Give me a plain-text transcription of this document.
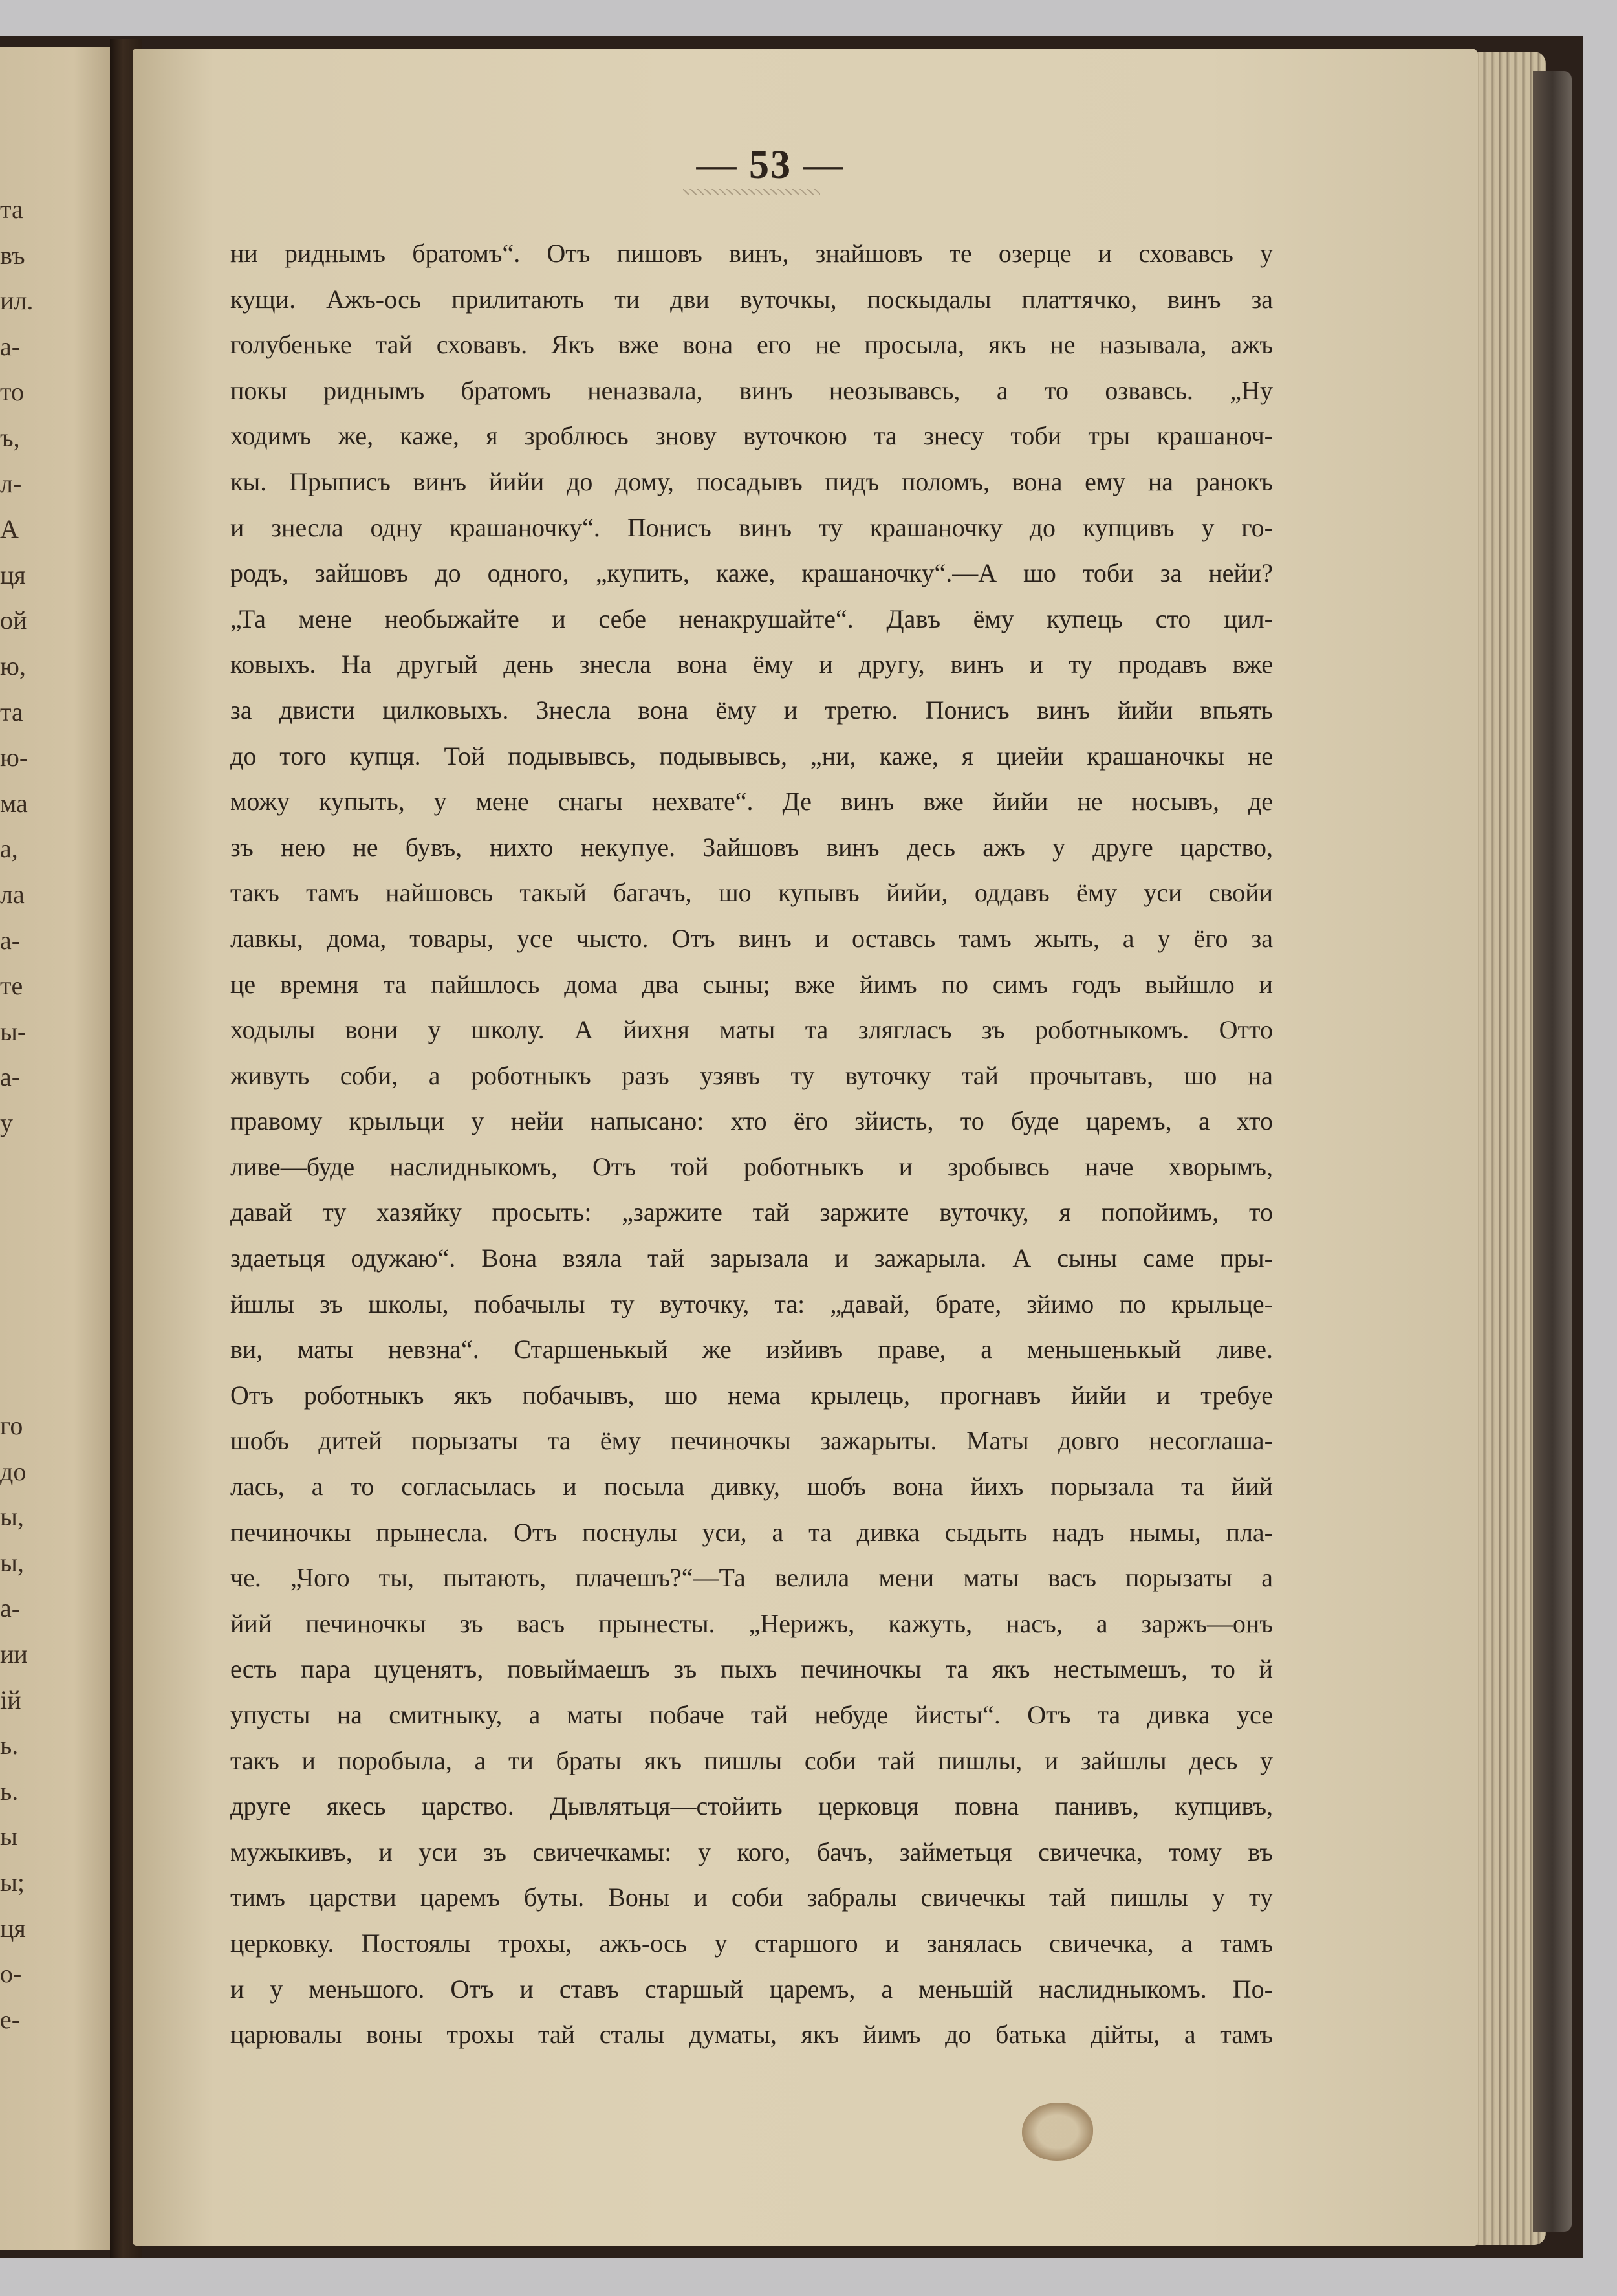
та
въ
ил.
а-
то
ъ,
л-
А
ця
ой
ю,
та
ю-
ма
а,
ла
а-
те
ы-
а-
у
го
до
ы,
ы,
а-
ии
ій
ь.
ь.
ы
ы;
ця
о-
е-
— 53 —
ни риднымъ братомъ“. Отъ пишовъ винъ, знайшовъ те озерце и сховавсь у
кущи. Ажъ-ось прилитають ти дви вуточкы, поскыдалы платтячко, винъ за
голубеньке тай сховавъ. Якъ вже вона его не просыла, якъ не называла, ажъ
покы риднымъ братомъ неназвала, винъ неозывавсь, а то озвавсь. „Ну
ходимъ же, каже, я зроблюсь знову вуточкою та знесу тоби тры крашаноч-
кы. Прыписъ винъ йийи до дому, посадывъ пидъ поломъ, вона ему на ранокъ
и знесла одну крашаночку“. Понисъ винъ ту крашаночку до купцивъ у го-
родъ, зайшовъ до одного, „купить, каже, крашаночку“.—А шо тоби за нейи?
„Та мене необыжайте и себе ненакрушайте“. Давъ ёму купець сто цил-
ковыхъ. На другый день знесла вона ёму и другу, винъ и ту продавъ вже
за двисти цилковыхъ. Знесла вона ёму и третю. Понисъ винъ йийи впьять
до того купця. Той подывывсь, подывывсь, „ни, каже, я циейи крашаночкы не
можу купыть, у мене снагы нехвате“. Де винъ вже йийи не носывъ, де
зъ нею не бувъ, нихто некупуе. Зайшовъ винъ десь ажъ у друге царство,
такъ тамъ найшовсь такый багачъ, шо купывъ йийи, оддавъ ёму уси свойи
лавкы, дома, товары, усе чысто. Отъ винъ и оставсь тамъ жыть, а у ёго за
це времня та пайшлось дома два сыны; вже йимъ по симъ годъ выйшло и
ходылы вони у школу. А йихня маты та злягласъ зъ роботныкомъ. Отто
живуть соби, а роботныкъ разъ узявъ ту вуточку тай прочытавъ, шо на
правому крыльци у нейи напысано: хто ёго зйисть, то буде царемъ, а хто
ливе—буде наслидныкомъ, Отъ той роботныкъ и зробывсь наче хворымъ,
давай ту хазяйку просыть: „заржите тай заржите вуточку, я попойимъ, то
здаетьця одужаю“. Вона взяла тай зарызала и зажарыла. А сыны саме пры-
йшлы зъ школы, побачылы ту вуточку, та: „давай, брате, зйимо по крыльце-
ви, маты невзна“. Старшенькый же изйивъ праве, а меньшенькый ливе.
Отъ роботныкъ якъ побачывъ, шо нема крылець, прогнавъ йийи и требуе
шобъ дитей порызаты та ёму печиночкы зажарыты. Маты довго несоглаша-
лась, а то согласылась и посыла дивку, шобъ вона йихъ порызала та йий
печиночкы прынесла. Отъ поснулы уси, а та дивка сыдыть надъ нымы, пла-
че. „Чого ты, пытають, плачешъ?“—Та велила мени маты васъ порызаты а
йий печиночкы зъ васъ прынесты. „Нерижъ, кажуть, насъ, а заржъ—онъ
есть пара цуценятъ, повыймаешъ зъ пыхъ печиночкы та якъ нестымешъ, то й
упусты на смитныку, а маты побаче тай небуде йисты“. Отъ та дивка усе
такъ и поробыла, а ти браты якъ пишлы соби тай пишлы, и зайшлы десь у
друге якесь царство. Дывлятьця—стойить церковця повна панивъ, купцивъ,
мужыкивъ, и уси зъ свичечкамы: у кого, бачъ, займетьця свичечка, тому въ
тимъ царстви царемъ буты. Воны и соби забралы свичечкы тай пишлы у ту
церковку. Постоялы трохы, ажъ-ось у старшого и занялась свичечка, а тамъ
и у меньшого. Отъ и ставъ старшый царемъ, а меньшій наслидныкомъ. По-
царювалы воны трохы тай сталы думаты, якъ йимъ до батька дійты, а тамъ
